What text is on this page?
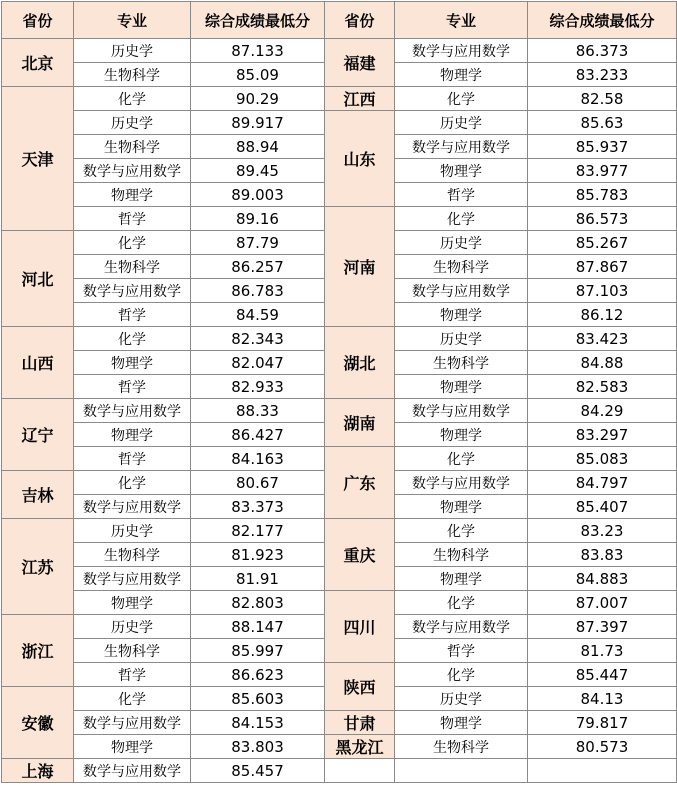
省份	专业	综合成绩最低分	省份	专业	综合成绩最低分
北京	历史学	87.133	福建	数学与应用数学	86.373
	生物科学	85.09		物理学	83.233
天津	化学	90.29	江西	化学	82.58
	历史学	89.917	山东	历史学	85.63
	生物科学	88.94		数学与应用数学	85.937
	数学与应用数学	89.45		物理学	83.977
	物理学	89.003		哲学	85.783
	哲学	89.16	河南	化学	86.573
河北	化学	87.79		历史学	85.267
	生物科学	86.257		生物科学	87.867
	数学与应用数学	86.783		数学与应用数学	87.103
	哲学	84.59		物理学	86.12
山西	化学	82.343	湖北	历史学	83.423
	物理学	82.047		生物科学	84.88
	哲学	82.933		物理学	82.583
辽宁	数学与应用数学	88.33	湖南	数学与应用数学	84.29
	物理学	86.427		物理学	83.297
	哲学	84.163	广东	化学	85.083
吉林	化学	80.67		数学与应用数学	84.797
	数学与应用数学	83.373		物理学	85.407
江苏	历史学	82.177	重庆	化学	83.23
	生物科学	81.923		生物科学	83.83
	数学与应用数学	81.91		物理学	84.883
	物理学	82.803	四川	化学	87.007
浙江	历史学	88.147		数学与应用数学	87.397
	生物科学	85.997		哲学	81.73
	哲学	86.623	陕西	化学	85.447
安徽	化学	85.603		历史学	84.13
	数学与应用数学	84.153	甘肃	物理学	79.817
	物理学	83.803	黑龙江	生物科学	80.573
上海	数学与应用数学	85.457			
